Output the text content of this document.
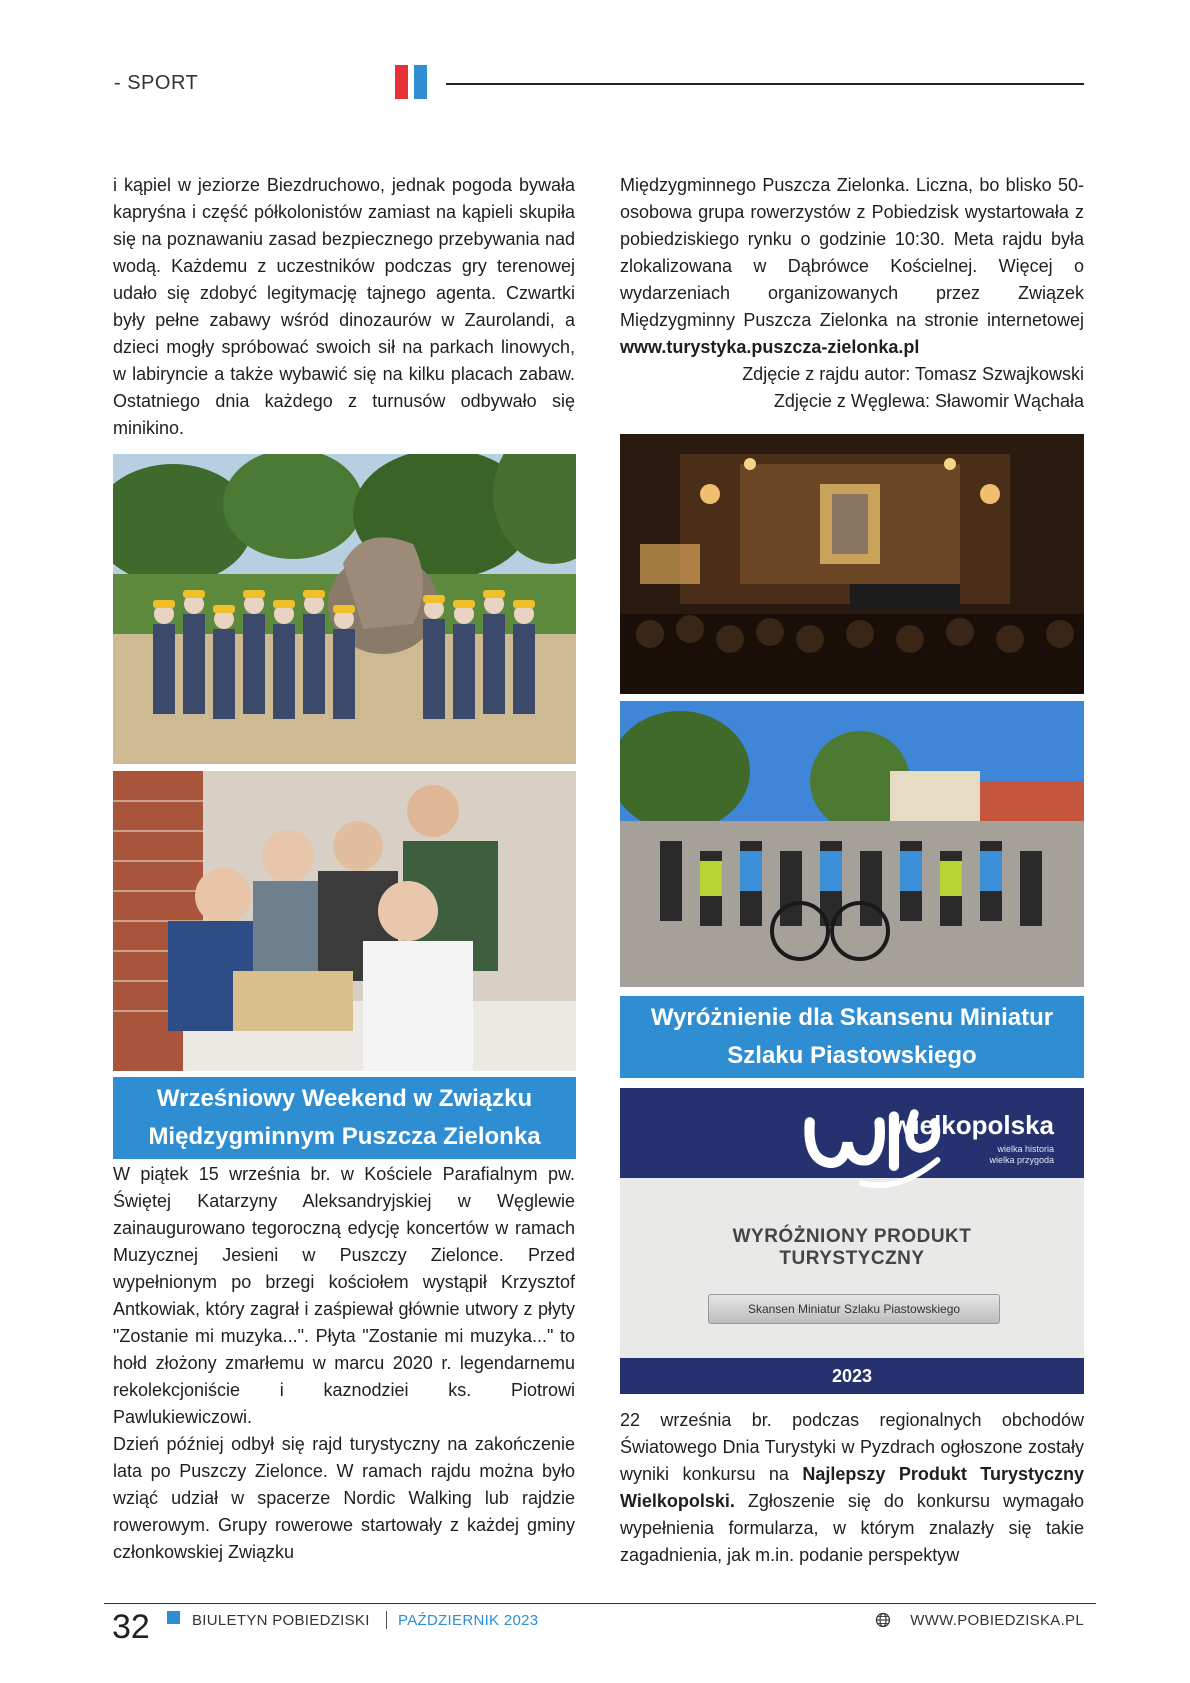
- SPORT

i kąpiel w jeziorze Biezdruchowo, jednak pogoda bywała kapryśna i część półkolonistów zamiast na kąpieli skupiła się na poznawaniu zasad bezpiecznego przebywania nad wodą. Każdemu z uczestników podczas gry terenowej udało się zdobyć legitymację tajnego agenta. Czwartki były pełne zabawy wśród dinozaurów w Zaurolandi, a dzieci mogły spróbować swoich sił na parkach linowych, w labiryncie a także wybawić się na kilku placach zabaw. Ostatniego dnia każdego z turnusów odbywało się minikino.

Wrześniowy Weekend w Związku
Międzygminnym Puszcza Zielonka

W piątek 15 września br. w Kościele Parafialnym pw. Świętej Katarzyny Aleksandryjskiej w Węglewie zainaugurowano tegoroczną edycję koncertów w ramach Muzycznej Jesieni w Puszczy Zielonce. Przed wypełnionym po brzegi kościołem wystąpił Krzysztof Antkowiak, który zagrał i zaśpiewał głównie utwory z płyty "Zostanie mi muzyka...". Płyta "Zostanie mi muzyka..." to hołd złożony zmarłemu w marcu 2020 r. legendarnemu rekolekcjoniście i kaznodziei ks. Piotrowi Pawlukiewiczowi.

Dzień później odbył się rajd turystyczny na zakończenie lata po Puszczy Zielonce. W ramach rajdu można było wziąć udział w spacerze Nordic Walking lub rajdzie rowerowym. Grupy rowerowe startowały z każdej gminy członkowskiej Związku

Międzygminnego Puszcza Zielonka. Liczna, bo blisko 50-osobowa grupa rowerzystów z Pobiedzisk wystartowała z pobiedziskiego rynku o godzinie 10:30. Meta rajdu była zlokalizowana w Dąbrówce Kościelnej. Więcej o wydarzeniach organizowanych przez Związek Międzygminny Puszcza Zielonka na stronie internetowej www.turystyka.puszcza-zielonka.pl

Zdjęcie z rajdu autor: Tomasz Szwajkowski

Zdjęcie z Węglewa: Sławomir Wąchała

Wyróżnienie dla Skansenu Miniatur
Szlaku Piastowskiego
wielkopolska
wielka historia
wielka przygoda
WYRÓŻNIONY PRODUKT
TURYSTYCZNY
Skansen Miniatur Szlaku Piastowskiego
2023

22 września br. podczas regionalnych obchodów Światowego Dnia Turystyki w Pyzdrach ogłoszone zostały wyniki konkursu na Najlepszy Produkt Turystyczny Wielkopolski. Zgłoszenie się do konkursu wymagało wypełnienia formularza, w którym znalazły się takie zagadnienia, jak m.in. podanie perspektyw

32	BIULETYN POBIEDZISKI PAŹDZIERNIK 2023	WWW.POBIEDZISKA.PL
